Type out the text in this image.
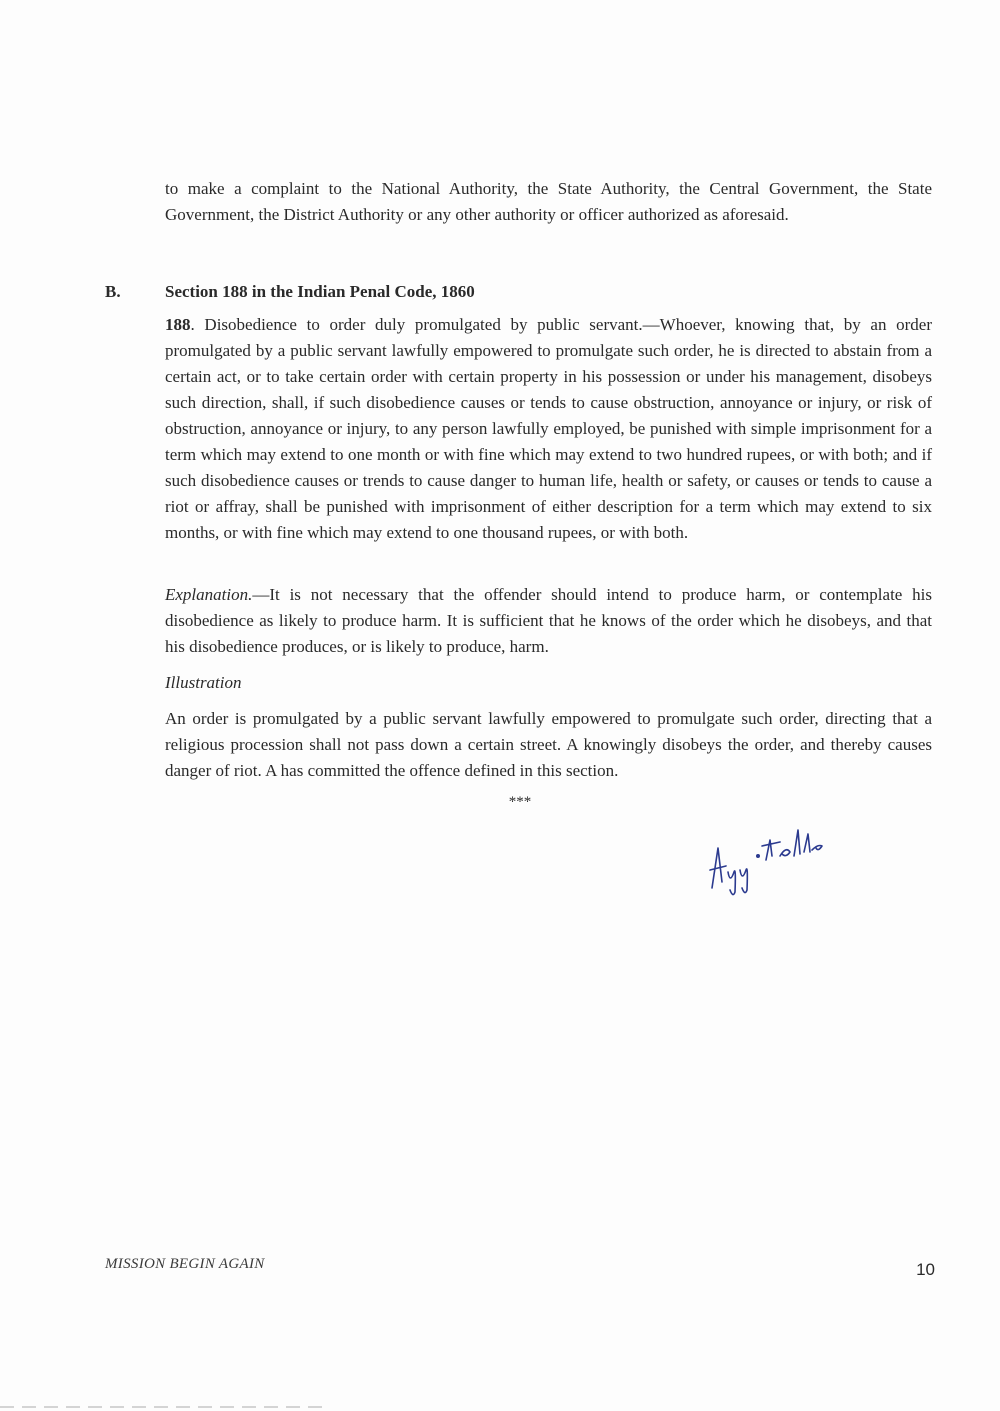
to make a complaint to the National Authority, the State Authority, the Central Government, the State Government, the District Authority or any other authority or officer authorized as aforesaid.

B.	Section 188 in the Indian Penal Code, 1860

188. Disobedience to order duly promulgated by public servant.—Whoever, knowing that, by an order promulgated by a public servant lawfully empowered to promulgate such order, he is directed to abstain from a certain act, or to take certain order with certain property in his possession or under his management, disobeys such direction, shall, if such disobedience causes or tends to cause obstruction, annoyance or injury, or risk of obstruction, annoyance or injury, to any person lawfully employed, be punished with simple imprisonment for a term which may extend to one month or with fine which may extend to two hundred rupees, or with both; and if such disobedience causes or trends to cause danger to human life, health or safety, or causes or tends to cause a riot or affray, shall be punished with imprisonment of either description for a term which may extend to six months, or with fine which may extend to one thousand rupees, or with both.

Explanation.—It is not necessary that the offender should intend to produce harm, or contemplate his disobedience as likely to produce harm. It is sufficient that he knows of the order which he disobeys, and that his disobedience produces, or is likely to produce, harm.

Illustration

An order is promulgated by a public servant lawfully empowered to promulgate such order, directing that a religious procession shall not pass down a certain street. A knowingly disobeys the order, and thereby causes danger of riot. A has committed the offence defined in this section.

***
MISSION BEGIN AGAIN	10
